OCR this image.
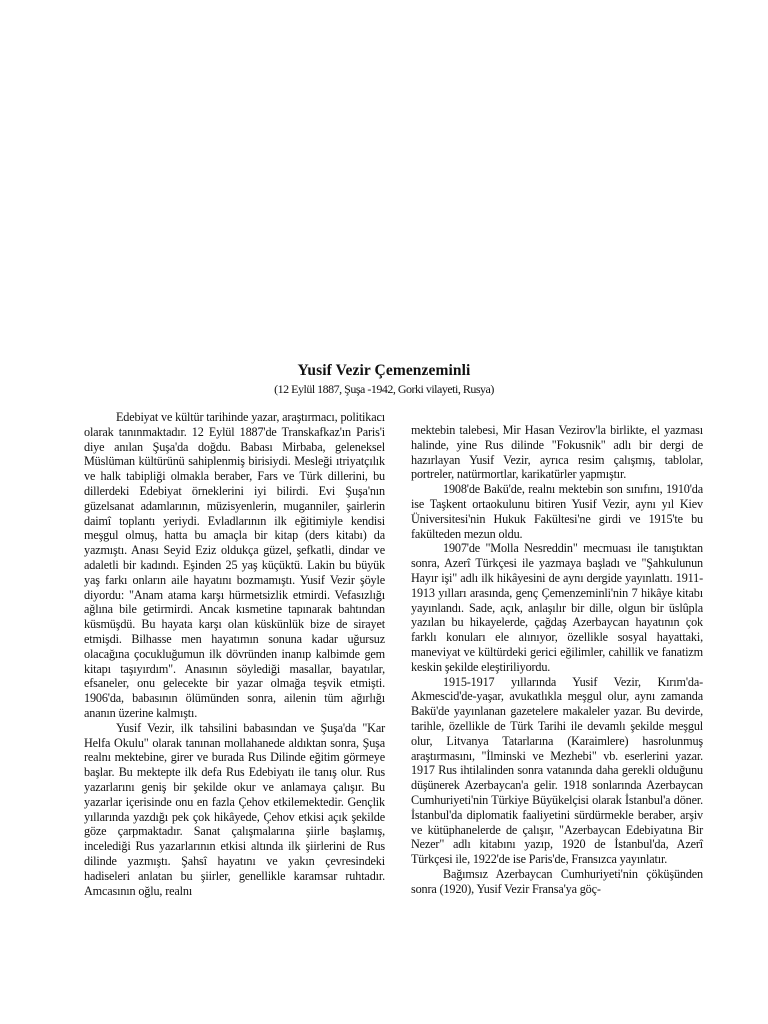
Yusif Vezir Çemenzeminli
(12 Eylül 1887, Şuşa -1942, Gorki vilayeti, Rusya)

Edebiyat ve kültür tarihinde yazar, araştırmacı, politikacı olarak tanınmaktadır. 12 Eylül 1887'de Transkafkaz'ın Paris'i diye anılan Şuşa'da doğdu. Babası Mirbaba, geleneksel Müslüman kültürünü sahiplenmiş birisiydi. Mesleği ıtriyatçılık ve halk tabipliği olmakla beraber, Fars ve Türk dillerini, bu dillerdeki Edebiyat örneklerini iyi bilirdi. Evi Şuşa'nın güzelsanat adamlarının, müzisyenlerin, muganniler, şairlerin daimî toplantı yeriydi. Evladlarının ilk eğitimiyle kendisi meşgul olmuş, hatta bu amaçla bir kitap (ders kitabı) da yazmıştı. Anası Seyid Eziz oldukça güzel, şefkatli, dindar ve adaletli bir kadındı. Eşinden 25 yaş küçüktü. Lakin bu büyük yaş farkı onların aile hayatını bozmamıştı. Yusif Vezir şöyle diyordu: "Anam atama karşı hürmetsizlik etmirdi. Vefasızlığı ağlına bile getirmirdi. Ancak kısmetine tapınarak bahtından küsmüşdü. Bu hayata karşı olan küskünlük bize de sirayet etmişdi. Bilhasse men hayatımın sonuna kadar uğursuz olacağına çocukluğumun ilk dövründen inanıp kalbimde gem kitapı taşıyırdım". Anasının söylediği masallar, bayatılar, efsaneler, onu gelecekte bir yazar olmağa teşvik etmişti. 1906'da, babasının ölümünden sonra, ailenin tüm ağırlığı ananın üzerine kalmıştı.

Yusif Vezir, ilk tahsilini babasından ve Şuşa'da "Kar Helfa Okulu" olarak tanınan mollahanede aldıktan sonra, Şuşa realnı mektebine, girer ve burada Rus Dilinde eğitim görmeye başlar. Bu mektepte ilk defa Rus Edebiyatı ile tanış olur. Rus yazarlarını geniş bir şekilde okur ve anlamaya çalışır. Bu yazarlar içerisinde onu en fazla Çehov etkilemektedir. Gençlik yıllarında yazdığı pek çok hikâyede, Çehov etkisi açık şekilde göze çarpmaktadır. Sanat çalışmalarına şiirle başlamış, incelediği Rus yazarlarının etkisi altında ilk şiirlerini de Rus dilinde yazmıştı. Şahsî hayatını ve yakın çevresindeki hadiseleri anlatan bu şiirler, genellikle karamsar ruhtadır. Amcasının oğlu, realnı

mektebin talebesi, Mir Hasan Vezirov'la birlikte, el yazması halinde, yine Rus dilinde "Fokusnik" adlı bir dergi de hazırlayan Yusif Vezir, ayrıca resim çalışmış, tablolar, portreler, natürmortlar, karikatürler yapmıştır.

1908'de Bakü'de, realnı mektebin son sınıfını, 1910'da ise Taşkent ortaokulunu bitiren Yusif Vezir, aynı yıl Kiev Üniversitesi'nin Hukuk Fakültesi'ne girdi ve 1915'te bu fakülteden mezun oldu.

1907'de "Molla Nesreddin" mecmuası ile tanıştıktan sonra, Azerî Türkçesi ile yazmaya başladı ve "Şahkulunun Hayır işi" adlı ilk hikâyesini de aynı dergide yayınlattı. 1911-1913 yılları arasında, genç Çemenzeminli'nin 7 hikâye kitabı yayınlandı. Sade, açık, anlaşılır bir dille, olgun bir üslûpla yazılan bu hikayelerde, çağdaş Azerbaycan hayatının çok farklı konuları ele alınıyor, özellikle sosyal hayattaki, maneviyat ve kültürdeki gerici eğilimler, cahillik ve fanatizm keskin şekilde eleştiriliyordu.

1915-1917 yıllarında Yusif Vezir, Kırım'da-Akmescid'de-yaşar, avukatlıkla meşgul olur, aynı zamanda Bakü'de yayınlanan gazetelere makaleler yazar. Bu devirde, tarihle, özellikle de Türk Tarihi ile devamlı şekilde meşgul olur, Litvanya Tatarlarına (Karaimlere) hasrolunmuş araştırmasını, "İlminski ve Mezhebi" vb. eserlerini yazar. 1917 Rus ihtilalinden sonra vatanında daha gerekli olduğunu düşünerek Azerbaycan'a gelir. 1918 sonlarında Azerbaycan Cumhuriyeti'nin Türkiye Büyükelçisi olarak İstanbul'a döner. İstanbul'da diplomatik faaliyetini sürdürmekle beraber, arşiv ve kütüphanelerde de çalışır, "Azerbaycan Edebiyatına Bir Nezer" adlı kitabını yazıp, 1920 de İstanbul'da, Azerî Türkçesi ile, 1922'de ise Paris'de, Fransızca yayınlatır.

Bağımsız Azerbaycan Cumhuriyeti'nin çöküşünden sonra (1920), Yusif Vezir Fransa'ya göç-
